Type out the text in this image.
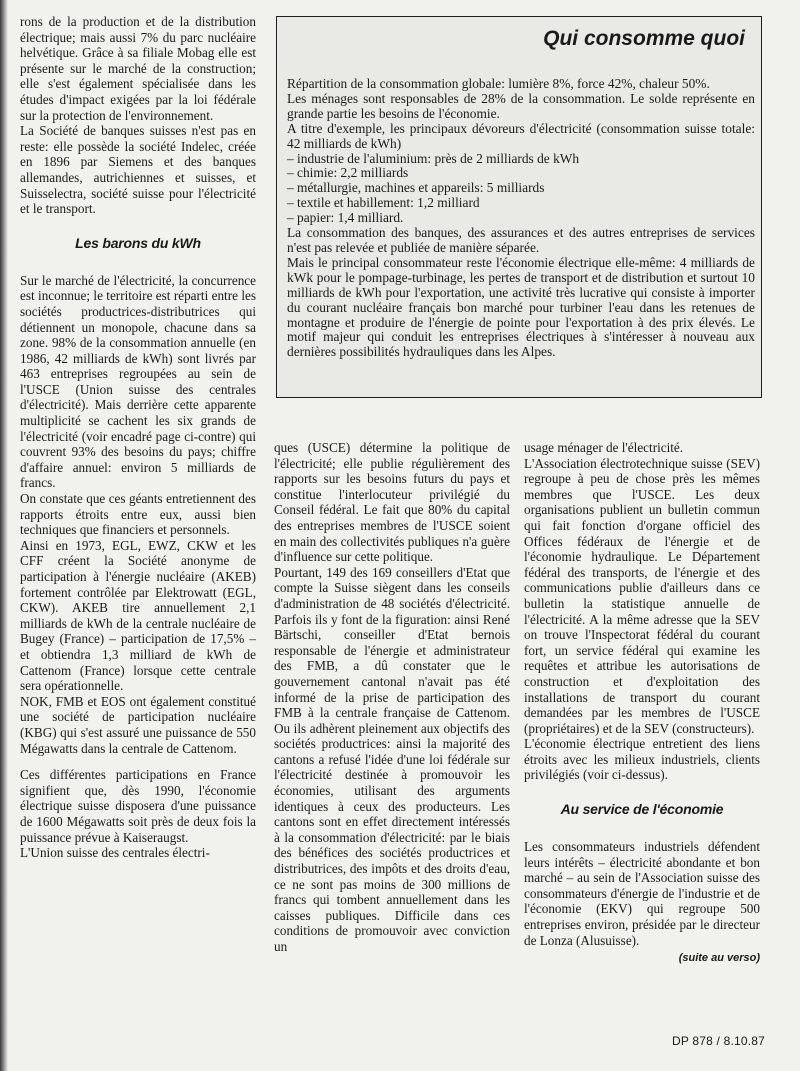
rons de la production et de la distribution électrique; mais aussi 7% du parc nucléaire helvétique. Grâce à sa filiale Mobag elle est présente sur le marché de la construction; elle s'est également spécialisée dans les études d'impact exigées par la loi fédérale sur la protection de l'environnement.

La Société de banques suisses n'est pas en reste: elle possède la société Indelec, créée en 1896 par Siemens et des banques allemandes, autrichiennes et suisses, et Suisselectra, société suisse pour l'électricité et le transport.

Les barons du kWh

Sur le marché de l'électricité, la concurrence est inconnue; le territoire est réparti entre les sociétés productrices-distributrices qui détiennent un monopole, chacune dans sa zone. 98% de la consommation annuelle (en 1986, 42 milliards de kWh) sont livrés par 463 entreprises regroupées au sein de l'USCE (Union suisse des centrales d'électricité). Mais derrière cette apparente multiplicité se cachent les six grands de l'électricité (voir encadré page ci-contre) qui couvrent 93% des besoins du pays; chiffre d'affaire annuel: environ 5 milliards de francs.

On constate que ces géants entretiennent des rapports étroits entre eux, aussi bien techniques que financiers et personnels.

Ainsi en 1973, EGL, EWZ, CKW et les CFF créent la Société anonyme de participation à l'énergie nucléaire (AKEB) fortement contrôlée par Elektrowatt (EGL, CKW). AKEB tire annuellement 2,1 milliards de kWh de la centrale nucléaire de Bugey (France) – participation de 17,5% – et obtiendra 1,3 milliard de kWh de Cattenom (France) lorsque cette centrale sera opérationnelle.

NOK, FMB et EOS ont également constitué une société de participation nucléaire (KBG) qui s'est assuré une puissance de 550 Mégawatts dans la centrale de Cattenom.

Ces différentes participations en France signifient que, dès 1990, l'économie électrique suisse disposera d'une puissance de 1600 Mégawatts soit près de deux fois la puissance prévue à Kaiseraugst.

L'Union suisse des centrales électri-

Qui consomme quoi

Répartition de la consommation globale: lumière 8%, force 42%, chaleur 50%.

Les ménages sont responsables de 28% de la consommation. Le solde représente en grande partie les besoins de l'économie.

A titre d'exemple, les principaux dévoreurs d'électricité (consommation suisse totale: 42 milliards de kWh)

– industrie de l'aluminium: près de 2 milliards de kWh

– chimie: 2,2 milliards

– métallurgie, machines et appareils: 5 milliards

– textile et habillement: 1,2 milliard

– papier: 1,4 milliard.

La consommation des banques, des assurances et des autres entreprises de services n'est pas relevée et publiée de manière séparée.

Mais le principal consommateur reste l'économie électrique elle-même: 4 milliards de kWk pour le pompage-turbinage, les pertes de transport et de distribution et surtout 10 milliards de kWh pour l'exportation, une activité très lucrative qui consiste à importer du courant nucléaire français bon marché pour turbiner l'eau dans les retenues de montagne et produire de l'énergie de pointe pour l'exportation à des prix élevés. Le motif majeur qui conduit les entreprises électriques à s'intéresser à nouveau aux dernières possibilités hydrauliques dans les Alpes.

ques (USCE) détermine la politique de l'électricité; elle publie régulièrement des rapports sur les besoins futurs du pays et constitue l'interlocuteur privilégié du Conseil fédéral. Le fait que 80% du capital des entreprises membres de l'USCE soient en main des collectivités publiques n'a guère d'influence sur cette politique.

Pourtant, 149 des 169 conseillers d'Etat que compte la Suisse siègent dans les conseils d'administration de 48 sociétés d'électricité. Parfois ils y font de la figuration: ainsi René Bärtschi, conseiller d'Etat bernois responsable de l'énergie et administrateur des FMB, a dû constater que le gouvernement cantonal n'avait pas été informé de la prise de participation des FMB à la centrale française de Cattenom. Ou ils adhèrent pleinement aux objectifs des sociétés productrices: ainsi la majorité des cantons a refusé l'idée d'une loi fédérale sur l'électricité destinée à promouvoir les économies, utilisant des arguments identiques à ceux des producteurs. Les cantons sont en effet directement intéressés à la consommation d'électricité: par le biais des bénéfices des sociétés productrices et distributrices, des impôts et des droits d'eau, ce ne sont pas moins de 300 millions de francs qui tombent annuellement dans les caisses publiques. Difficile dans ces conditions de promouvoir avec conviction un

usage ménager de l'électricité.

L'Association électrotechnique suisse (SEV) regroupe à peu de chose près les mêmes membres que l'USCE. Les deux organisations publient un bulletin commun qui fait fonction d'organe officiel des Offices fédéraux de l'énergie et de l'économie hydraulique. Le Département fédéral des transports, de l'énergie et des communications publie d'ailleurs dans ce bulletin la statistique annuelle de l'électricité. A la même adresse que la SEV on trouve l'Inspectorat fédéral du courant fort, un service fédéral qui examine les requêtes et attribue les autorisations de construction et d'exploitation des installations de transport du courant demandées par les membres de l'USCE (propriétaires) et de la SEV (constructeurs).

L'économie électrique entretient des liens étroits avec les milieux industriels, clients privilégiés (voir ci-dessus).

Au service de l'économie

Les consommateurs industriels défendent leurs intérêts – électricité abondante et bon marché – au sein de l'Association suisse des consommateurs d'énergie de l'industrie et de l'économie (EKV) qui regroupe 500 entreprises environ, présidée par le directeur de Lonza (Alusuisse).

(suite au verso)
DP 878 / 8.10.87
